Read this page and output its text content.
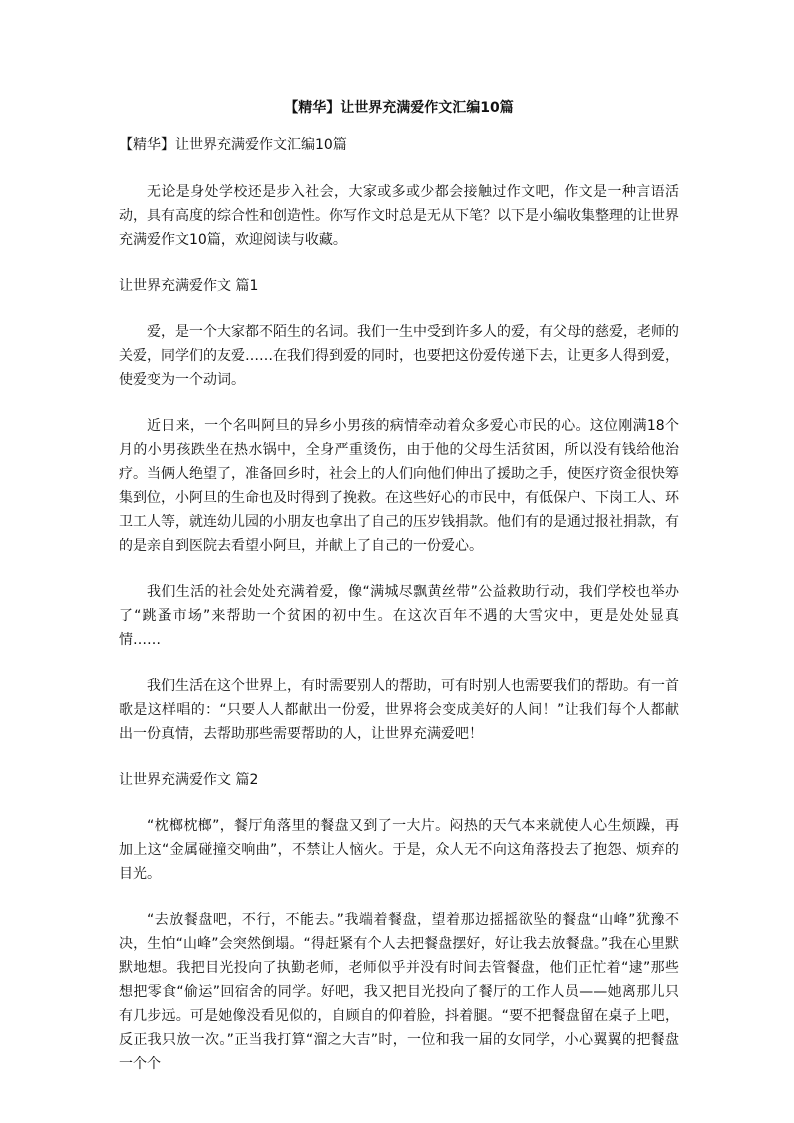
【精华】让世界充满爱作文汇编10篇

【精华】让世界充满爱作文汇编10篇

无论是身处学校还是步入社会，大家或多或少都会接触过作文吧，作文是一种言语活动，具有高度的综合性和创造性。你写作文时总是无从下笔？以下是小编收集整理的让世界充满爱作文10篇，欢迎阅读与收藏。

让世界充满爱作文 篇1

爱，是一个大家都不陌生的名词。我们一生中受到许多人的爱，有父母的慈爱，老师的关爱，同学们的友爱……在我们得到爱的同时，也要把这份爱传递下去，让更多人得到爱，使爱变为一个动词。

近日来，一个名叫阿旦的异乡小男孩的病情牵动着众多爱心市民的心。这位刚满18个月的小男孩跌坐在热水锅中，全身严重烫伤，由于他的父母生活贫困，所以没有钱给他治疗。当俩人绝望了，准备回乡时，社会上的人们向他们伸出了援助之手，使医疗资金很快筹集到位，小阿旦的生命也及时得到了挽救。在这些好心的市民中，有低保户、下岗工人、环卫工人等，就连幼儿园的小朋友也拿出了自己的压岁钱捐款。他们有的是通过报社捐款，有的是亲自到医院去看望小阿旦，并献上了自己的一份爱心。

我们生活的社会处处充满着爱，像“满城尽飘黄丝带”公益救助行动，我们学校也举办了“跳蚤市场”来帮助一个贫困的初中生。在这次百年不遇的大雪灾中，更是处处显真情……

我们生活在这个世界上，有时需要别人的帮助，可有时别人也需要我们的帮助。有一首歌是这样唱的：“只要人人都献出一份爱，世界将会变成美好的人间！”让我们每个人都献出一份真情，去帮助那些需要帮助的人，让世界充满爱吧！

让世界充满爱作文 篇2

“枕榔枕榔”，餐厅角落里的餐盘又到了一大片。闷热的天气本来就使人心生烦躁，再加上这“金属碰撞交响曲”，不禁让人恼火。于是，众人无不向这角落投去了抱怨、烦弃的目光。

“去放餐盘吧，不行，不能去。”我端着餐盘，望着那边摇摇欲坠的餐盘“山峰”犹豫不决，生怕“山峰”会突然倒塌。“得赶紧有个人去把餐盘摆好，好让我去放餐盘。”我在心里默默地想。我把目光投向了执勤老师，老师似乎并没有时间去管餐盘，他们正忙着“逮”那些想把零食“偷运”回宿舍的同学。好吧，我又把目光投向了餐厅的工作人员——她离那儿只有几步远。可是她像没看见似的，自顾自的仰着脸，抖着腿。“要不把餐盘留在桌子上吧，反正我只放一次。”正当我打算“溜之大吉”时，一位和我一届的女同学，小心翼翼的把餐盘一个个
